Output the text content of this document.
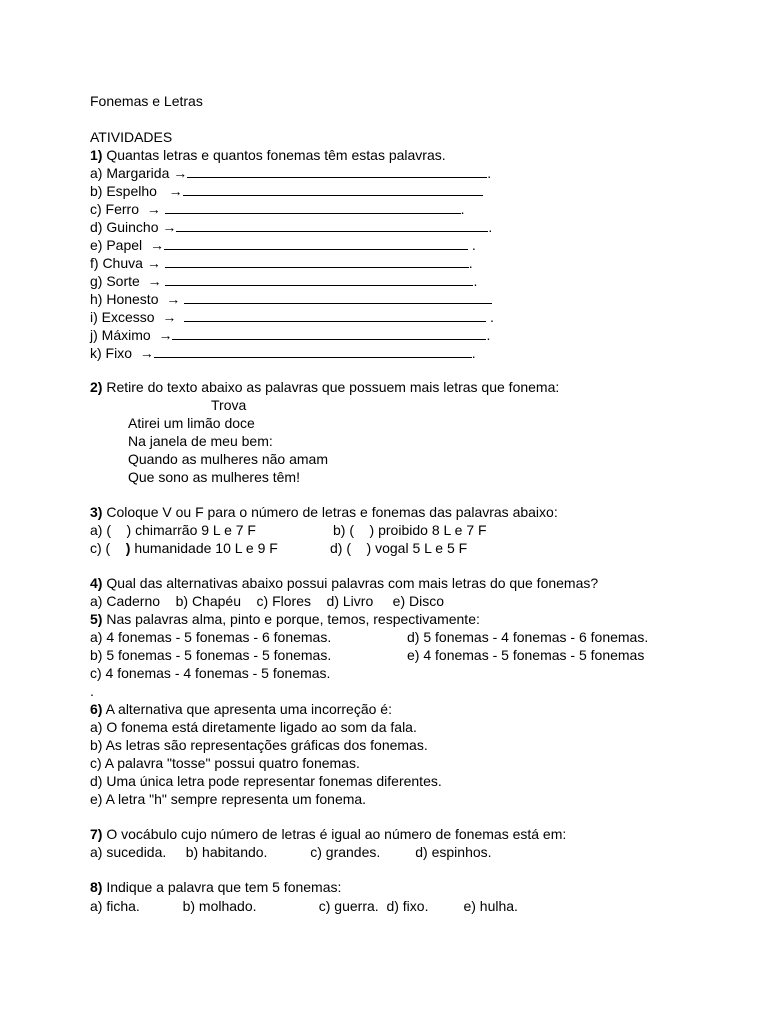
Fonemas e Letras
ATIVIDADES
1) Quantas letras e quantos fonemas têm estas palavras.
a) Margarida →	.
b) Espelho →
c) Ferro →	.
d) Guincho →	.
e) Papel →	.
f) Chuva →	.
g) Sorte →	.
h) Honesto →
i) Excesso →	.
j) Máximo →	.
k) Fixo →	.
2) Retire do texto abaixo as palavras que possuem mais letras que fonema:
Trova
Atirei um limão doce
Na janela de meu bem:
Quando as mulheres não amam
Que sono as mulheres têm!
3) Coloque V ou F para o número de letras e fonemas das palavras abaixo:
a) (    ) chimarrão 9 L e 7 F	b) (    ) proibido 8 L e 7 F
c) (    ) humanidade 10 L e 9 F	d) (    ) vogal 5 L e 5 F
4) Qual das alternativas abaixo possui palavras com mais letras do que fonemas?
a) Caderno    b) Chapéu    c) Flores    d) Livro     e) Disco
5) Nas palavras alma, pinto e porque, temos, respectivamente:
a) 4 fonemas - 5 fonemas - 6 fonemas.	d) 5 fonemas - 4 fonemas - 6 fonemas.
b) 5 fonemas - 5 fonemas - 5 fonemas.	e) 4 fonemas - 5 fonemas - 5 fonemas
c) 4 fonemas - 4 fonemas - 5 fonemas.
.
6) A alternativa que apresenta uma incorreção é:
a) O fonema está diretamente ligado ao som da fala.
b) As letras são representações gráficas dos fonemas.
c) A palavra "tosse" possui quatro fonemas.
d) Uma única letra pode representar fonemas diferentes.
e) A letra "h" sempre representa um fonema.
7) O vocábulo cujo número de letras é igual ao número de fonemas está em:
a) sucedida.     b) habitando.           c) grandes.         d) espinhos.
8) Indique a palavra que tem 5 fonemas:
a) ficha.           b) molhado.                c) guerra.  d) fixo.         e) hulha.
